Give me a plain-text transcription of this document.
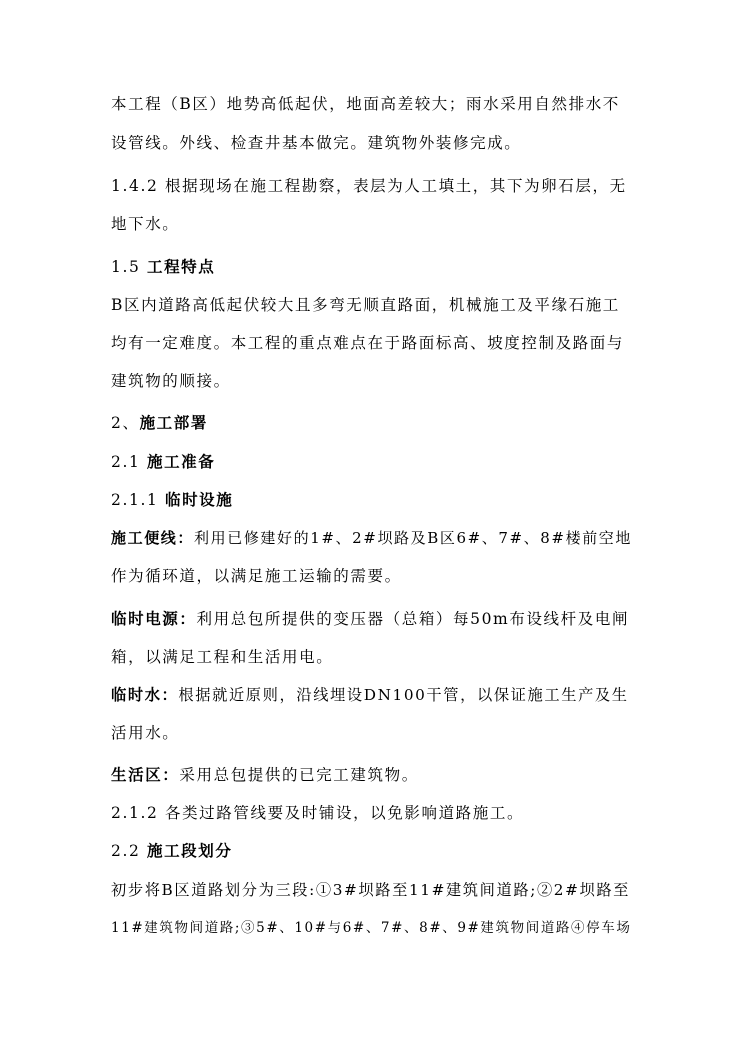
本工程（B区）地势高低起伏，地面高差较大；雨水采用自然排水不
设管线。外线、检查井基本做完。建筑物外装修完成。
1.4.2 根据现场在施工程勘察，表层为人工填土，其下为卵石层，无
地下水。
1.5 工程特点
B区内道路高低起伏较大且多弯无顺直路面，机械施工及平缘石施工
均有一定难度。本工程的重点难点在于路面标高、坡度控制及路面与
建筑物的顺接。
2、施工部署
2.1 施工准备
2.1.1 临时设施
施工便线：利用已修建好的1#、2#坝路及B区6#、7#、8#楼前空地
作为循环道，以满足施工运输的需要。
临时电源：利用总包所提供的变压器（总箱）每50m布设线杆及电闸
箱，以满足工程和生活用电。
临时水：根据就近原则，沿线埋设DN100干管，以保证施工生产及生
活用水。
生活区：采用总包提供的已完工建筑物。
2.1.2 各类过路管线要及时铺设，以免影响道路施工。
2.2 施工段划分
初步将B区道路划分为三段:①3#坝路至11#建筑间道路;②2#坝路至
11#建筑物间道路;③5#、10#与6#、7#、8#、9#建筑物间道路④停车场
